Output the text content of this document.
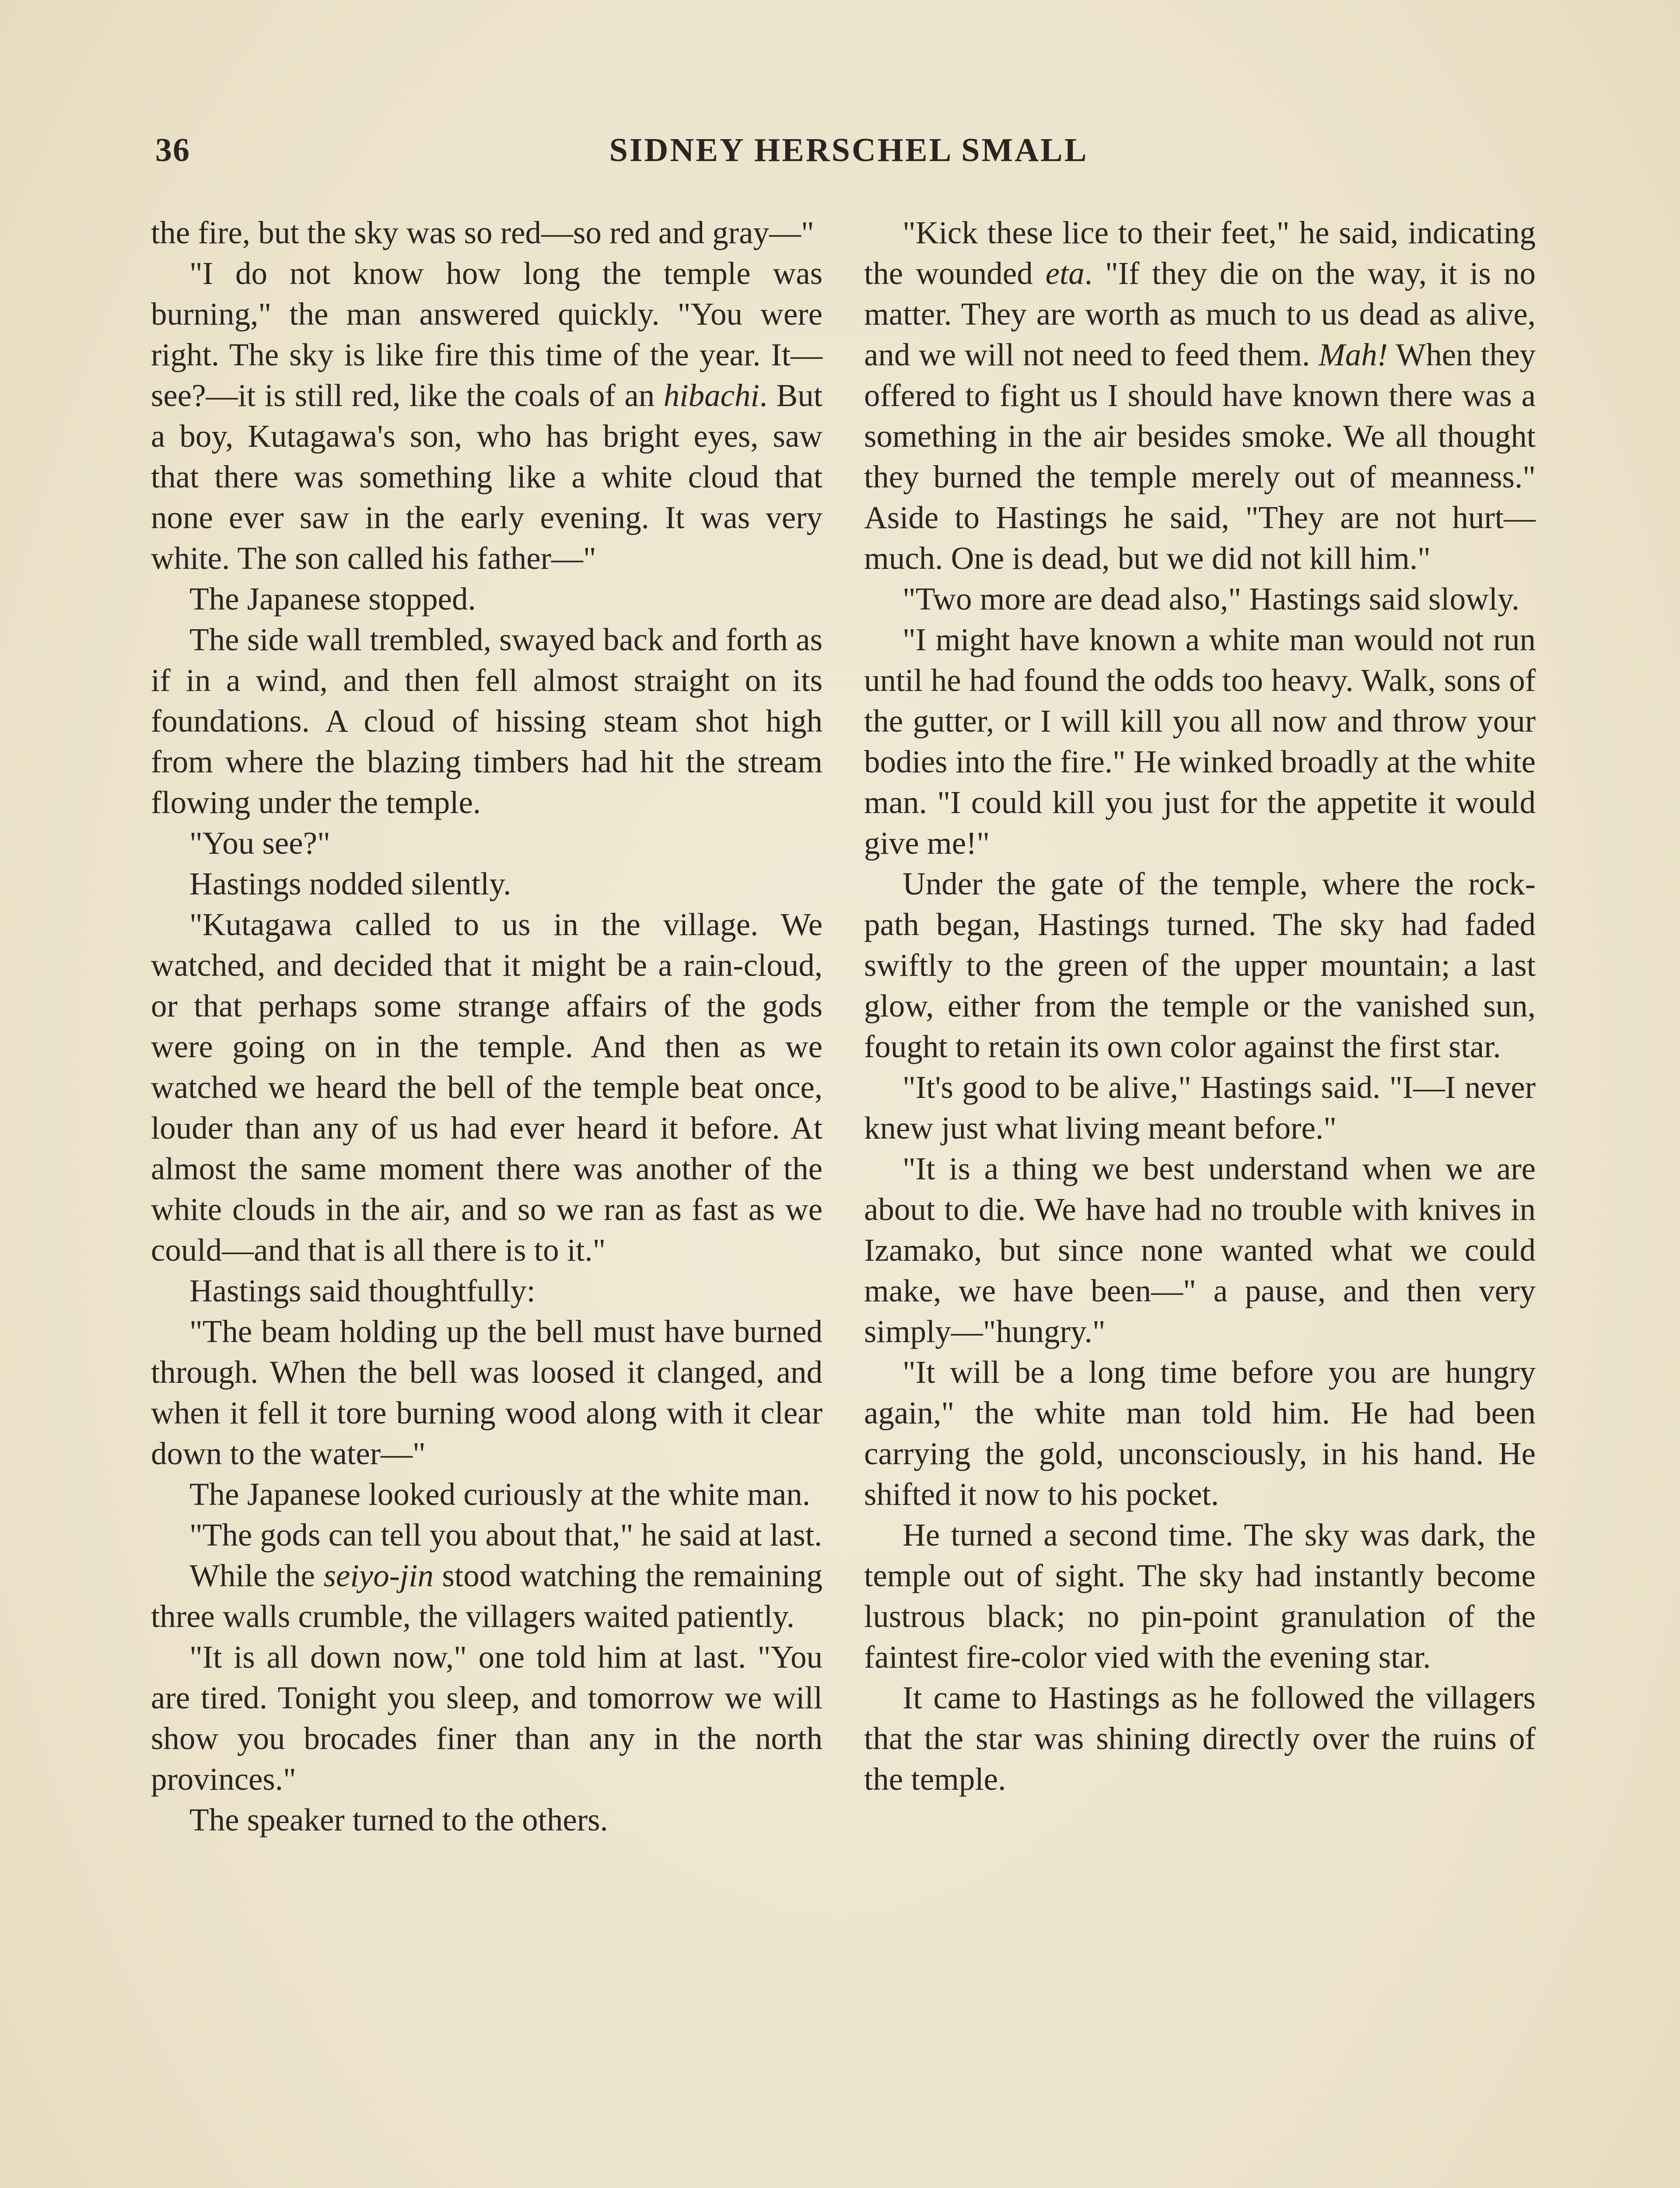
36	SIDNEY HERSCHEL SMALL

the fire, but the sky was so red—so red and gray—"

"I do not know how long the temple was burning," the man answered quickly. "You were right. The sky is like fire this time of the year. It—see?—it is still red, like the coals of an hibachi. But a boy, Kutagawa's son, who has bright eyes, saw that there was something like a white cloud that none ever saw in the early evening. It was very white. The son called his father—"

The Japanese stopped.

The side wall trembled, swayed back and forth as if in a wind, and then fell almost straight on its foundations. A cloud of hissing steam shot high from where the blazing timbers had hit the stream flowing under the temple.

"You see?"

Hastings nodded silently.

"Kutagawa called to us in the village. We watched, and decided that it might be a rain-cloud, or that perhaps some strange affairs of the gods were going on in the temple. And then as we watched we heard the bell of the temple beat once, louder than any of us had ever heard it before. At almost the same moment there was another of the white clouds in the air, and so we ran as fast as we could—and that is all there is to it."

Hastings said thoughtfully:

"The beam holding up the bell must have burned through. When the bell was loosed it clanged, and when it fell it tore burning wood along with it clear down to the water—"

The Japanese looked curiously at the white man.

"The gods can tell you about that," he said at last.

While the seiyo-jin stood watching the remaining three walls crumble, the villagers waited patiently.

"It is all down now," one told him at last. "You are tired. Tonight you sleep, and tomorrow we will show you brocades finer than any in the north provinces."

The speaker turned to the others.

"Kick these lice to their feet," he said, indicating the wounded eta. "If they die on the way, it is no matter. They are worth as much to us dead as alive, and we will not need to feed them. Mah! When they offered to fight us I should have known there was a something in the air besides smoke. We all thought they burned the temple merely out of meanness." Aside to Hastings he said, "They are not hurt—much. One is dead, but we did not kill him."

"Two more are dead also," Hastings said slowly.

"I might have known a white man would not run until he had found the odds too heavy. Walk, sons of the gutter, or I will kill you all now and throw your bodies into the fire." He winked broadly at the white man. "I could kill you just for the appetite it would give me!"

Under the gate of the temple, where the rock-path began, Hastings turned. The sky had faded swiftly to the green of the upper mountain; a last glow, either from the temple or the vanished sun, fought to retain its own color against the first star.

"It's good to be alive," Hastings said. "I—I never knew just what living meant before."

"It is a thing we best understand when we are about to die. We have had no trouble with knives in Izamako, but since none wanted what we could make, we have been—" a pause, and then very simply—"hungry."

"It will be a long time before you are hungry again," the white man told him. He had been carrying the gold, unconsciously, in his hand. He shifted it now to his pocket.

He turned a second time. The sky was dark, the temple out of sight. The sky had instantly become lustrous black; no pin-point granulation of the faintest fire-color vied with the evening star.

It came to Hastings as he followed the villagers that the star was shining directly over the ruins of the temple.
